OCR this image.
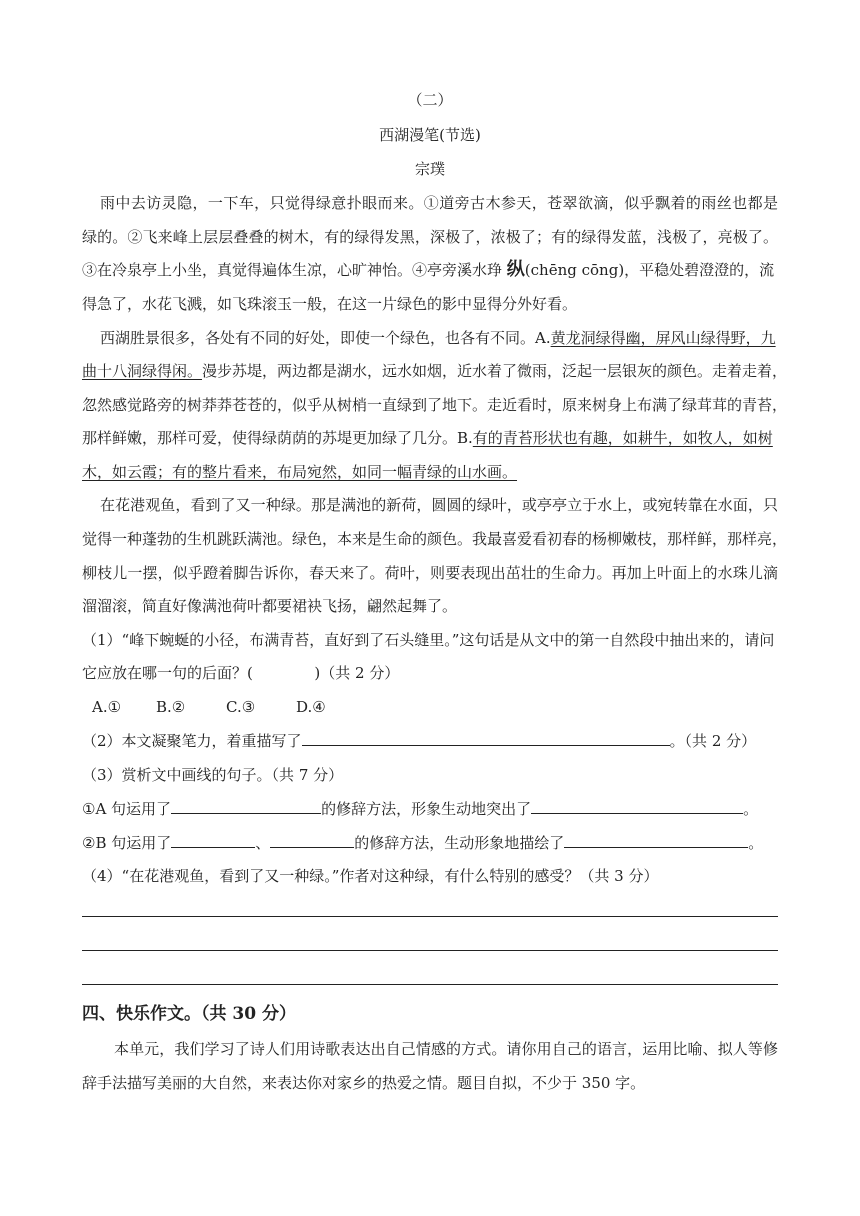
（二）
西湖漫笔(节选)
宗璞
雨中去访灵隐，一下车，只觉得绿意扑眼而来。①道旁古木参天，苍翠欲滴，似乎飘着的雨丝也都是
绿的。②飞来峰上层层叠叠的树木，有的绿得发黑，深极了，浓极了；有的绿得发蓝，浅极了，亮极了。
③在冷泉亭上小坐，真觉得遍体生凉，心旷神怡。④亭旁溪水琤 纵(chēng cōng)，平稳处碧澄澄的，流
得急了，水花飞溅，如飞珠滚玉一般，在这一片绿色的影中显得分外好看。
西湖胜景很多，各处有不同的好处，即使一个绿色，也各有不同。A.黄龙洞绿得幽，屏风山绿得野，九
曲十八洞绿得闲。漫步苏堤，两边都是湖水，远水如烟，近水着了微雨，泛起一层银灰的颜色。走着走着，
忽然感觉路旁的树莽莽苍苍的，似乎从树梢一直绿到了地下。走近看时，原来树身上布满了绿茸茸的青苔，
那样鲜嫩，那样可爱，使得绿荫荫的苏堤更加绿了几分。B.有的青苔形状也有趣，如耕牛，如牧人，如树
木，如云霞；有的整片看来，布局宛然，如同一幅青绿的山水画。
在花港观鱼，看到了又一种绿。那是满池的新荷，圆圆的绿叶，或亭亭立于水上，或宛转靠在水面，只
觉得一种蓬勃的生机跳跃满池。绿色，本来是生命的颜色。我最喜爱看初春的杨柳嫩枝，那样鲜，那样亮，
柳枝儿一摆，似乎蹬着脚告诉你，春天来了。荷叶，则要表现出茁壮的生命力。再加上叶面上的水珠儿滴
溜溜滚，简直好像满池荷叶都要裙袂飞扬，翩然起舞了。
（1）“峰下蜿蜒的小径，布满青苔，直好到了石头缝里。”这句话是从文中的第一自然段中抽出来的，请问
它应放在哪一句的后面？(	)（共 2 分）
A.① B.②	C.③	D.④
（2）本文凝聚笔力，着重描写了	。（共 2 分）
（3）赏析文中画线的句子。（共 7 分）
①A 句运用了	的修辞方法，形象生动地突出了	。
②B 句运用了	、	的修辞方法，生动形象地描绘了	。
（4）“在花港观鱼，看到了又一种绿。”作者对这种绿，有什么特别的感受？（共 3 分）
四、快乐作文。（共 30 分）
本单元，我们学习了诗人们用诗歌表达出自己情感的方式。请你用自己的语言，运用比喻、拟人等修
辞手法描写美丽的大自然，来表达你对家乡的热爱之情。题目自拟，不少于 350 字。
